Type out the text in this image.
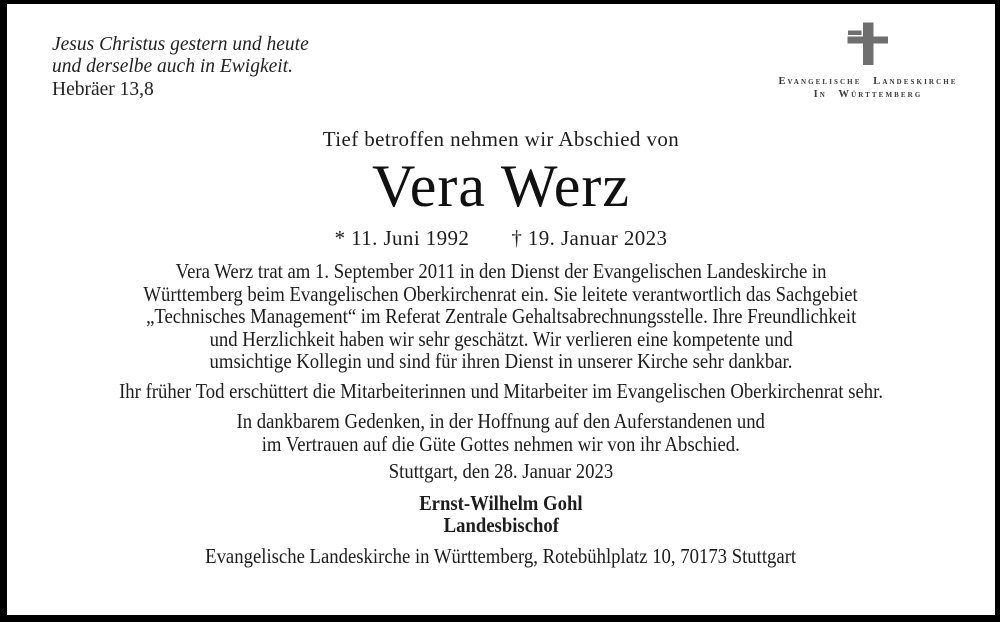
Jesus Christus gestern und heute
und derselbe auch in Ewigkeit.
Hebräer 13,8	Evangelische Landeskirche
In Württemberg
Tief betroffen nehmen wir Abschied von
Vera Werz
* 11. Juni 1992 † 19. Januar 2023
Vera Werz trat am 1. September 2011 in den Dienst der Evangelischen Landeskirche in
Württemberg beim Evangelischen Oberkirchenrat ein. Sie leitete verantwortlich das Sachgebiet
„Technisches Management“ im Referat Zentrale Gehaltsabrechnungsstelle. Ihre Freundlichkeit
und Herzlichkeit haben wir sehr geschätzt. Wir verlieren eine kompetente und
umsichtige Kollegin und sind für ihren Dienst in unserer Kirche sehr dankbar.
Ihr früher Tod erschüttert die Mitarbeiterinnen und Mitarbeiter im Evangelischen Oberkirchenrat sehr.
In dankbarem Gedenken, in der Hoffnung auf den Auferstandenen und
im Vertrauen auf die Güte Gottes nehmen wir von ihr Abschied.
Stuttgart, den 28. Januar 2023
Ernst-Wilhelm Gohl
Landesbischof
Evangelische Landeskirche in Württemberg, Rotebühlplatz 10, 70173 Stuttgart
